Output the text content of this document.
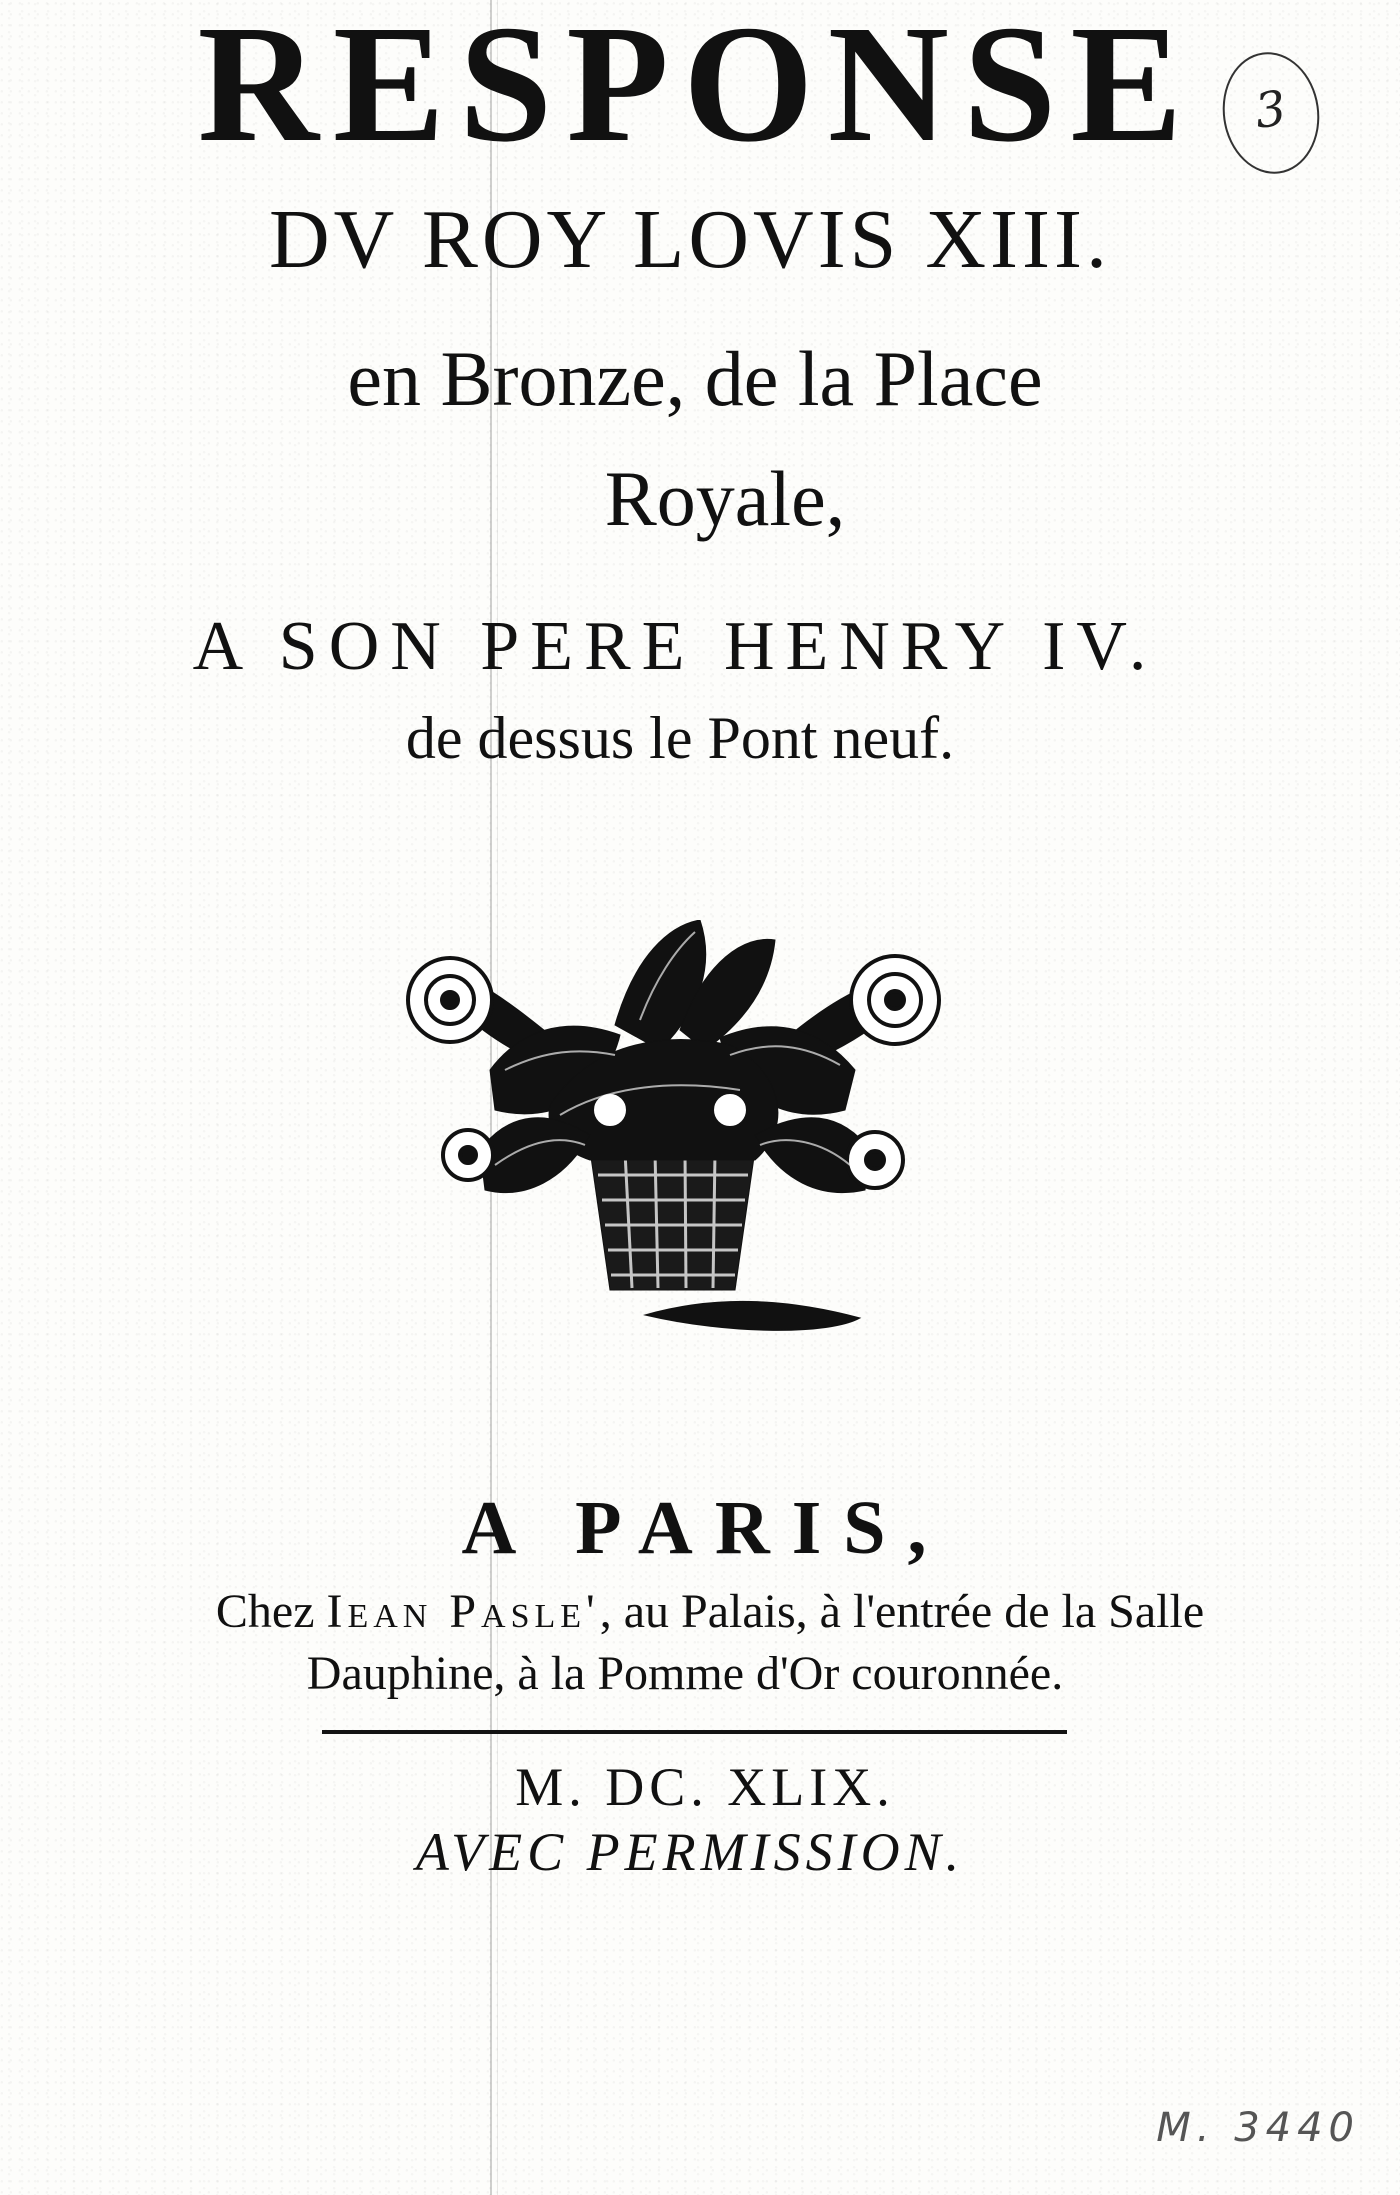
3
RESPONSE
DV ROY LOVIS XIII.
en Bronze, de la Place
Royale,
A SON PERE HENRY IV.
de dessus le Pont neuf.
A PARIS,
Chez Iean Pasle', au Palais, à l'entrée de la Salle
Dauphine, à la Pomme d'Or couronnée.
M. DC. XLIX.
AVEC PERMISSION.
M. 3440
